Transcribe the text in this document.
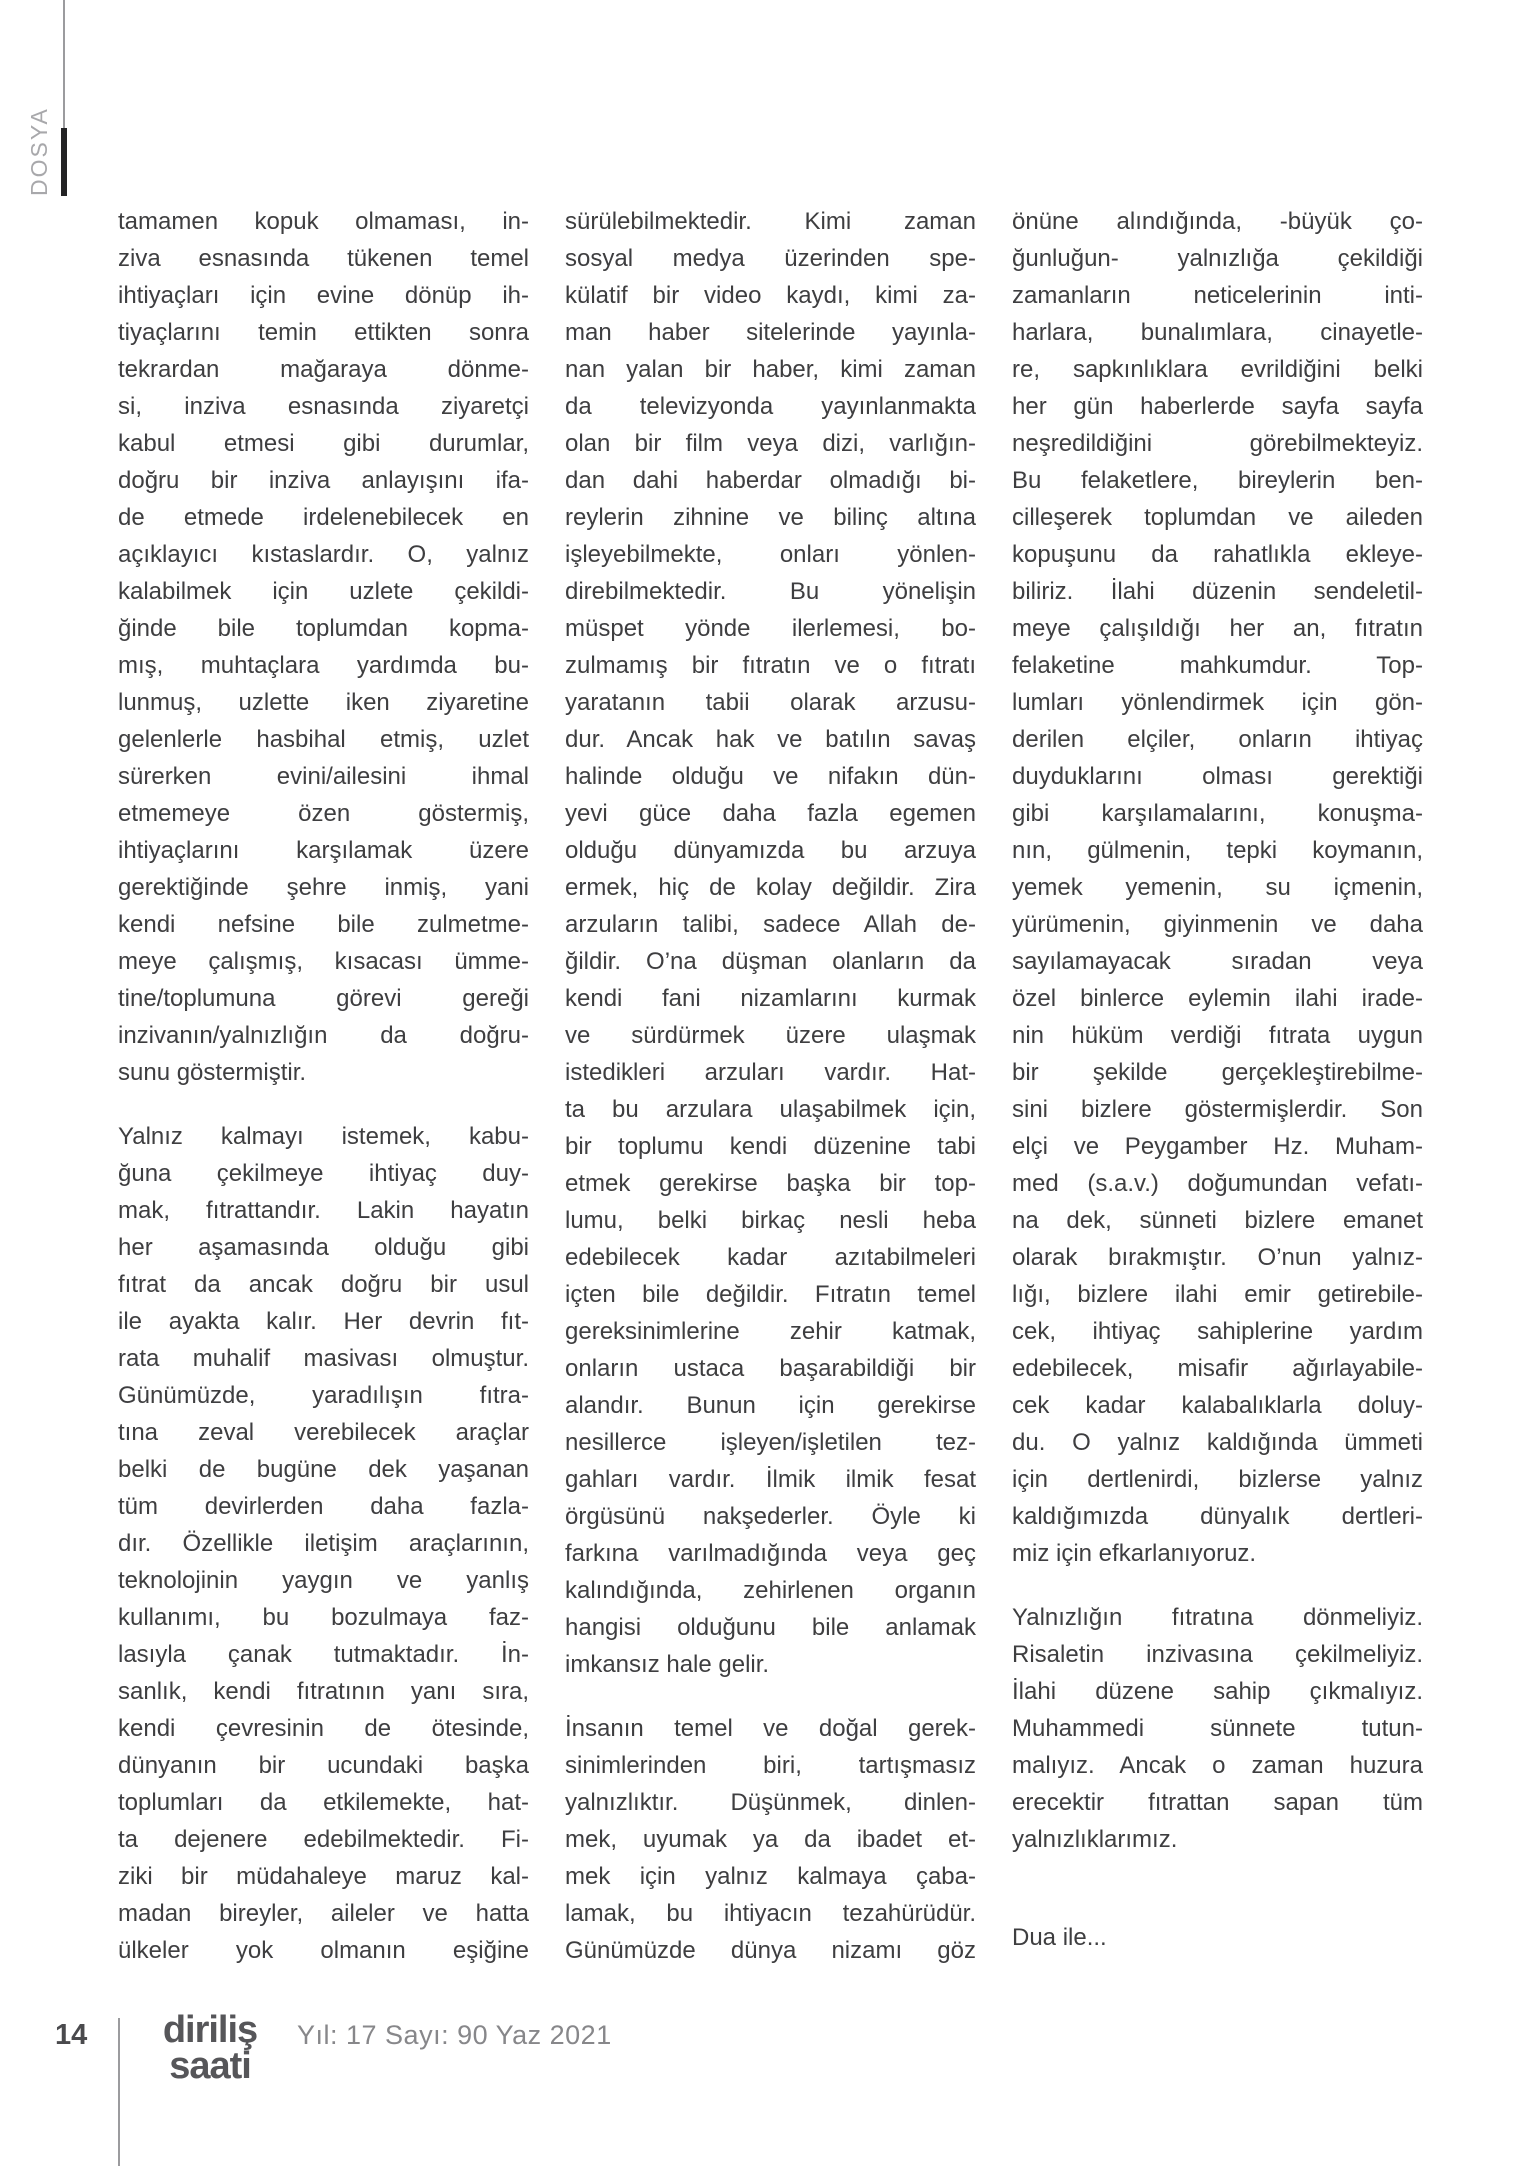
DOSYA
tamamen kopuk olmaması, in-
ziva esnasında tükenen temel
ihtiyaçları için evine dönüp ih-
tiyaçlarını temin ettikten sonra
tekrardan mağaraya dönme-
si, inziva esnasında ziyaretçi
kabul etmesi gibi durumlar,
doğru bir inziva anlayışını ifa-
de etmede irdelenebilecek en
açıklayıcı kıstaslardır. O, yalnız
kalabilmek için uzlete çekildi-
ğinde bile toplumdan kopma-
mış, muhtaçlara yardımda bu-
lunmuş, uzlette iken ziyaretine
gelenlerle hasbihal etmiş, uzlet
sürerken evini/ailesini ihmal
etmemeye özen göstermiş,
ihtiyaçlarını karşılamak üzere
gerektiğinde şehre inmiş, yani
kendi nefsine bile zulmetme-
meye çalışmış, kısacası ümme-
tine/toplumuna görevi gereği
inzivanın/yalnızlığın da doğru-
sunu göstermiştir.
Yalnız kalmayı istemek, kabu-
ğuna çekilmeye ihtiyaç duy-
mak, fıtrattandır. Lakin hayatın
her aşamasında olduğu gibi
fıtrat da ancak doğru bir usul
ile ayakta kalır. Her devrin fıt-
rata muhalif masivası olmuştur.
Günümüzde, yaradılışın fıtra-
tına zeval verebilecek araçlar
belki de bugüne dek yaşanan
tüm devirlerden daha fazla-
dır. Özellikle iletişim araçlarının,
teknolojinin yaygın ve yanlış
kullanımı, bu bozulmaya faz-
lasıyla çanak tutmaktadır. İn-
sanlık, kendi fıtratının yanı sıra,
kendi çevresinin de ötesinde,
dünyanın bir ucundaki başka
toplumları da etkilemekte, hat-
ta dejenere edebilmektedir. Fi-
ziki bir müdahaleye maruz kal-
madan bireyler, aileler ve hatta
ülkeler yok olmanın eşiğine
sürülebilmektedir. Kimi zaman
sosyal medya üzerinden spe-
külatif bir video kaydı, kimi za-
man haber sitelerinde yayınla-
nan yalan bir haber, kimi zaman
da televizyonda yayınlanmakta
olan bir film veya dizi, varlığın-
dan dahi haberdar olmadığı bi-
reylerin zihnine ve bilinç altına
işleyebilmekte, onları yönlen-
direbilmektedir. Bu yönelişin
müspet yönde ilerlemesi, bo-
zulmamış bir fıtratın ve o fıtratı
yaratanın tabii olarak arzusu-
dur. Ancak hak ve batılın savaş
halinde olduğu ve nifakın dün-
yevi güce daha fazla egemen
olduğu dünyamızda bu arzuya
ermek, hiç de kolay değildir. Zira
arzuların talibi, sadece Allah de-
ğildir. O’na düşman olanların da
kendi fani nizamlarını kurmak
ve sürdürmek üzere ulaşmak
istedikleri arzuları vardır. Hat-
ta bu arzulara ulaşabilmek için,
bir toplumu kendi düzenine tabi
etmek gerekirse başka bir top-
lumu, belki birkaç nesli heba
edebilecek kadar azıtabilmeleri
içten bile değildir. Fıtratın temel
gereksinimlerine zehir katmak,
onların ustaca başarabildiği bir
alandır. Bunun için gerekirse
nesillerce işleyen/işletilen tez-
gahları vardır. İlmik ilmik fesat
örgüsünü nakşederler. Öyle ki
farkına varılmadığında veya geç
kalındığında, zehirlenen organın
hangisi olduğunu bile anlamak
imkansız hale gelir.
İnsanın temel ve doğal gerek-
sinimlerinden biri, tartışmasız
yalnızlıktır. Düşünmek, dinlen-
mek, uyumak ya da ibadet et-
mek için yalnız kalmaya çaba-
lamak, bu ihtiyacın tezahürüdür.
Günümüzde dünya nizamı göz
önüne alındığında, -büyük ço-
ğunluğun- yalnızlığa çekildiği
zamanların neticelerinin inti-
harlara, bunalımlara, cinayetle-
re, sapkınlıklara evrildiğini belki
her gün haberlerde sayfa sayfa
neşredildiğini görebilmekteyiz.
Bu felaketlere, bireylerin ben-
cilleşerek toplumdan ve aileden
kopuşunu da rahatlıkla ekleye-
biliriz. İlahi düzenin sendeletil-
meye çalışıldığı her an, fıtratın
felaketine mahkumdur. Top-
lumları yönlendirmek için gön-
derilen elçiler, onların ihtiyaç
duyduklarını olması gerektiği
gibi karşılamalarını, konuşma-
nın, gülmenin, tepki koymanın,
yemek yemenin, su içmenin,
yürümenin, giyinmenin ve daha
sayılamayacak sıradan veya
özel binlerce eylemin ilahi irade-
nin hüküm verdiği fıtrata uygun
bir şekilde gerçekleştirebilme-
sini bizlere göstermişlerdir. Son
elçi ve Peygamber Hz. Muham-
med (s.a.v.) doğumundan vefatı-
na dek, sünneti bizlere emanet
olarak bırakmıştır. O’nun yalnız-
lığı, bizlere ilahi emir getirebile-
cek, ihtiyaç sahiplerine yardım
edebilecek, misafir ağırlayabile-
cek kadar kalabalıklarla doluy-
du. O yalnız kaldığında ümmeti
için dertlenirdi, bizlerse yalnız
kaldığımızda dünyalık dertleri-
miz için efkarlanıyoruz.
Yalnızlığın fıtratına dönmeliyiz.
Risaletin inzivasına çekilmeliyiz.
İlahi düzene sahip çıkmalıyız.
Muhammedi sünnete tutun-
malıyız. Ancak o zaman huzura
erecektir fıtrattan sapan tüm
yalnızlıklarımız.
Dua ile...
14	diriliş
saati
Yıl: 17 Sayı: 90 Yaz 2021
